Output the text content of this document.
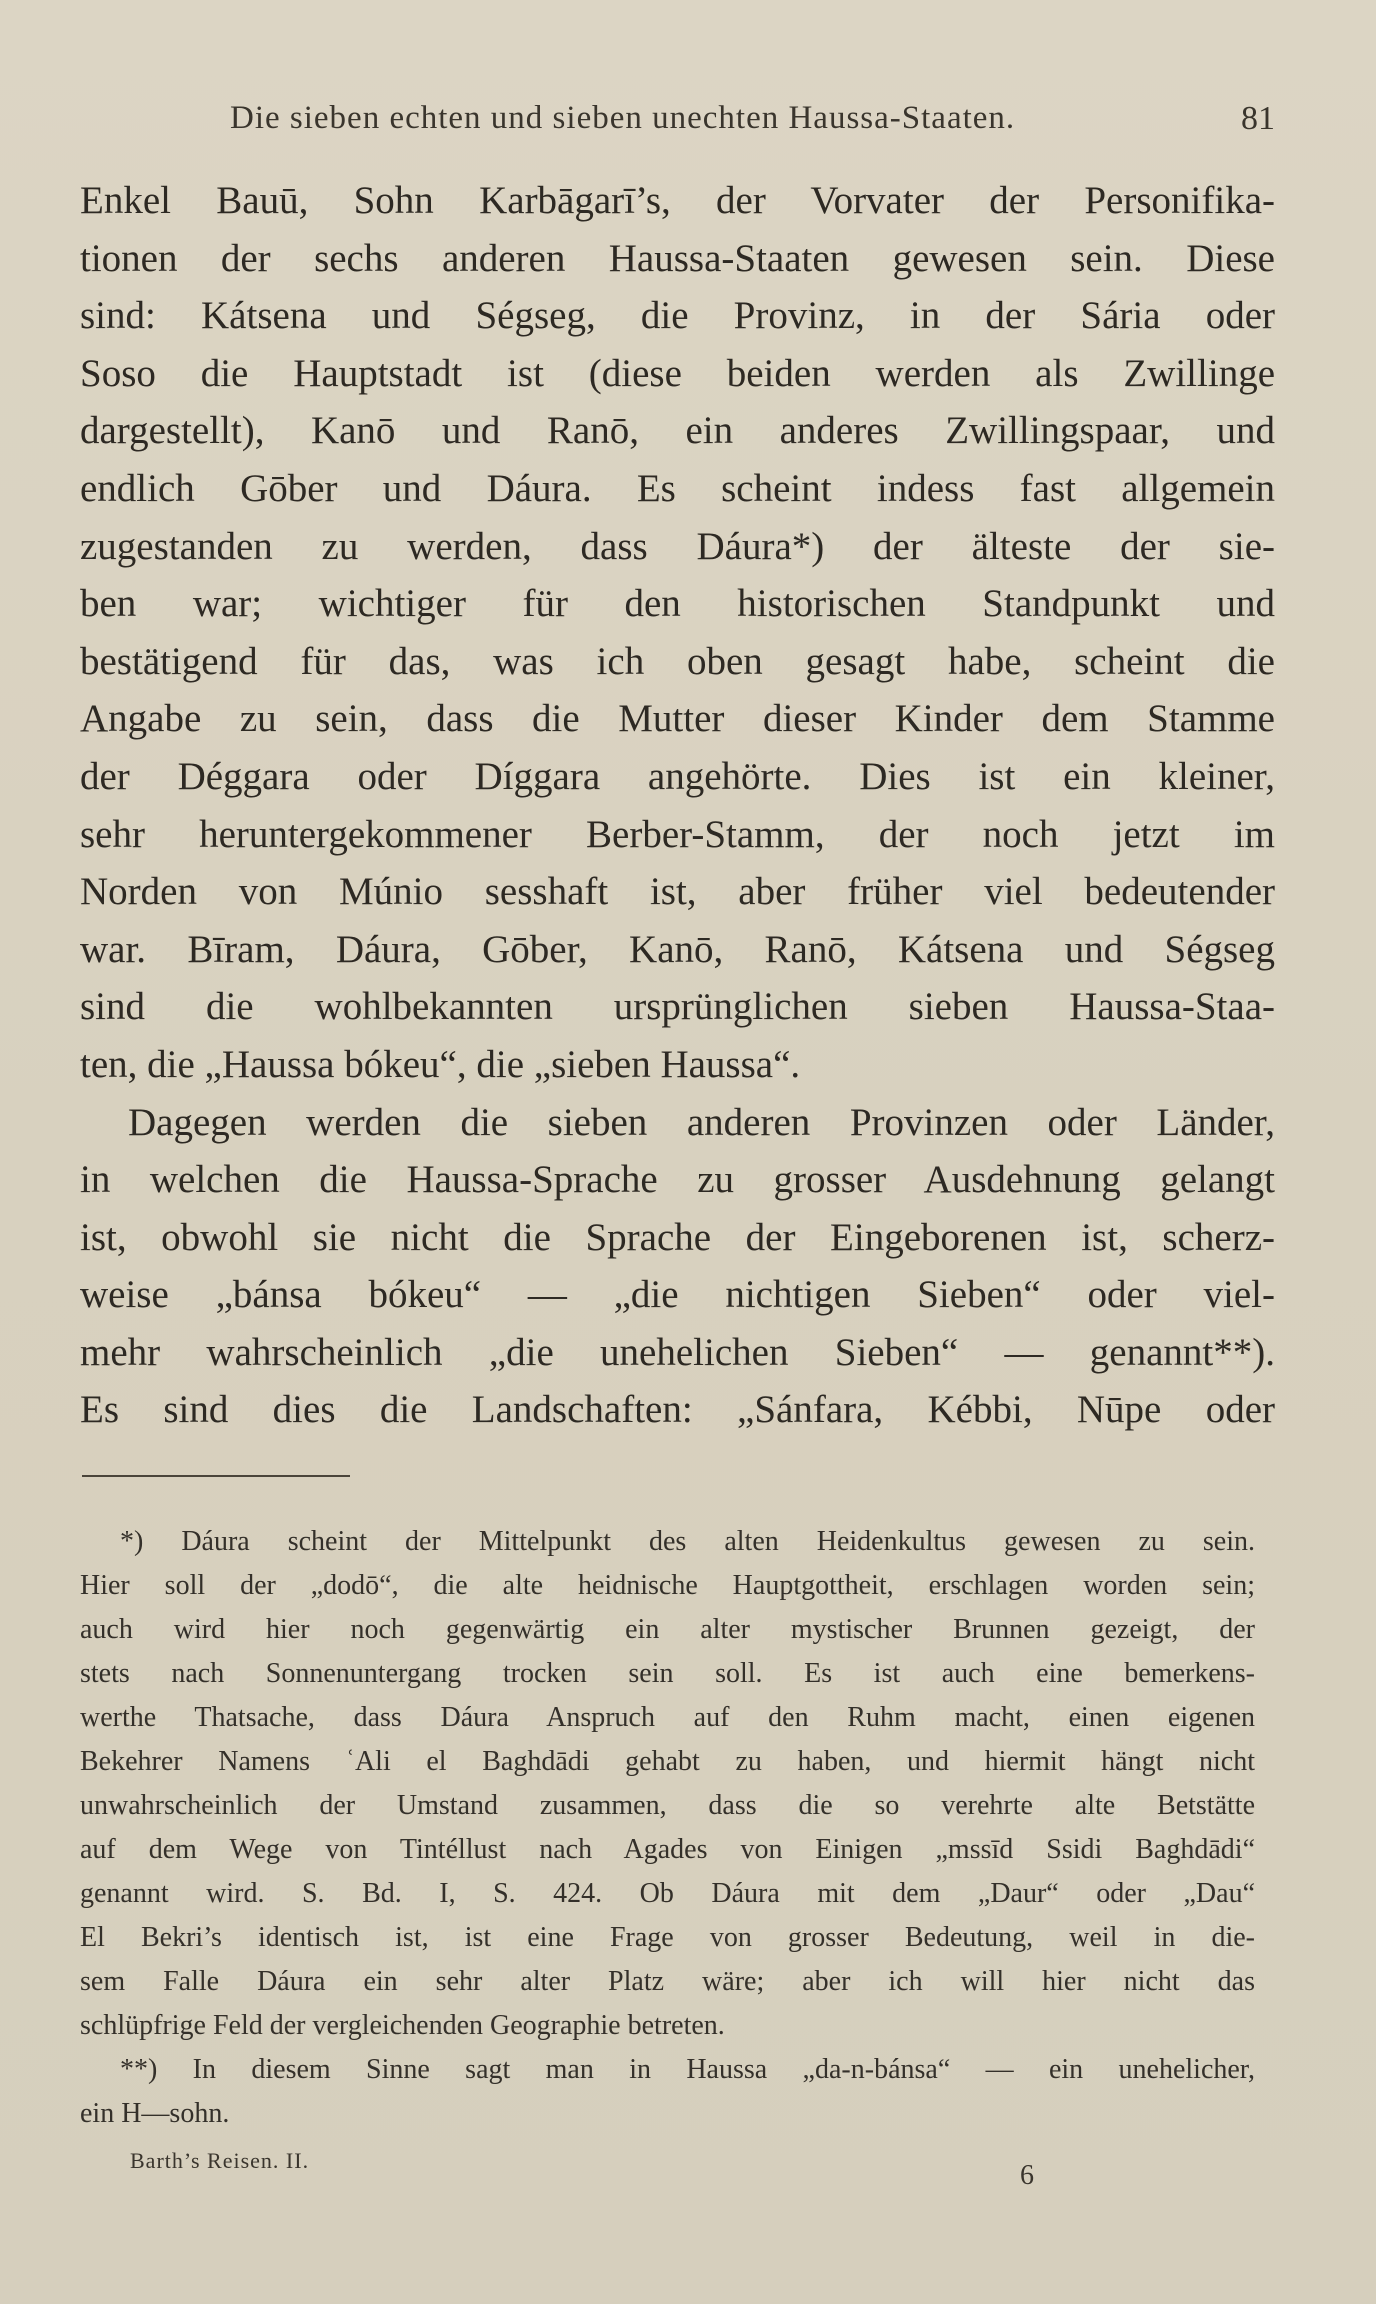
Die sieben echten und sieben unechten Haussa-Staaten.	81
Enkel Bauū, Sohn Karbāgarī’s, der Vorvater der Personifika-
tionen der sechs anderen Haussa-Staaten gewesen sein. Diese
sind: Kátsena und Ségseg, die Provinz, in der Sária oder
Soso die Hauptstadt ist (diese beiden werden als Zwillinge
dargestellt), Kanō und Ranō, ein anderes Zwillingspaar, und
endlich Gōber und Dáura. Es scheint indess fast allgemein
zugestanden zu werden, dass Dáura*) der älteste der sie-
ben war; wichtiger für den historischen Standpunkt und
bestätigend für das, was ich oben gesagt habe, scheint die
Angabe zu sein, dass die Mutter dieser Kinder dem Stamme
der Déggara oder Díggara angehörte. Dies ist ein kleiner,
sehr heruntergekommener Berber-Stamm, der noch jetzt im
Norden von Múnio sesshaft ist, aber früher viel bedeutender
war. Bīram, Dáura, Gōber, Kanō, Ranō, Kátsena und Ségseg
sind die wohlbekannten ursprünglichen sieben Haussa-Staa-
ten, die „Haussa bókeu“, die „sieben Haussa“.
Dagegen werden die sieben anderen Provinzen oder Länder,
in welchen die Haussa-Sprache zu grosser Ausdehnung gelangt
ist, obwohl sie nicht die Sprache der Eingeborenen ist, scherz-
weise „bánsa bókeu“ — „die nichtigen Sieben“ oder viel-
mehr wahrscheinlich „die unehelichen Sieben“ — genannt**).
Es sind dies die Landschaften: „Sánfara, Kébbi, Nūpe oder
*) Dáura scheint der Mittelpunkt des alten Heidenkultus gewesen zu sein.
Hier soll der „dodō“, die alte heidnische Hauptgottheit, erschlagen worden sein;
auch wird hier noch gegenwärtig ein alter mystischer Brunnen gezeigt, der
stets nach Sonnenuntergang trocken sein soll. Es ist auch eine bemerkens-
werthe Thatsache, dass Dáura Anspruch auf den Ruhm macht, einen eigenen
Bekehrer Namens ʿAli el Baghdādi gehabt zu haben, und hiermit hängt nicht
unwahrscheinlich der Umstand zusammen, dass die so verehrte alte Betstätte
auf dem Wege von Tintéllust nach Agades von Einigen „mssīd Ssidi Baghdādi“
genannt wird. S. Bd. I, S. 424. Ob Dáura mit dem „Daur“ oder „Dau“
El Bekri’s identisch ist, ist eine Frage von grosser Bedeutung, weil in die-
sem Falle Dáura ein sehr alter Platz wäre; aber ich will hier nicht das
schlüpfrige Feld der vergleichenden Geographie betreten.
**) In diesem Sinne sagt man in Haussa „da-n-bánsa“ — ein unehelicher,
ein H—sohn.
Barth’s Reisen. II.	6
